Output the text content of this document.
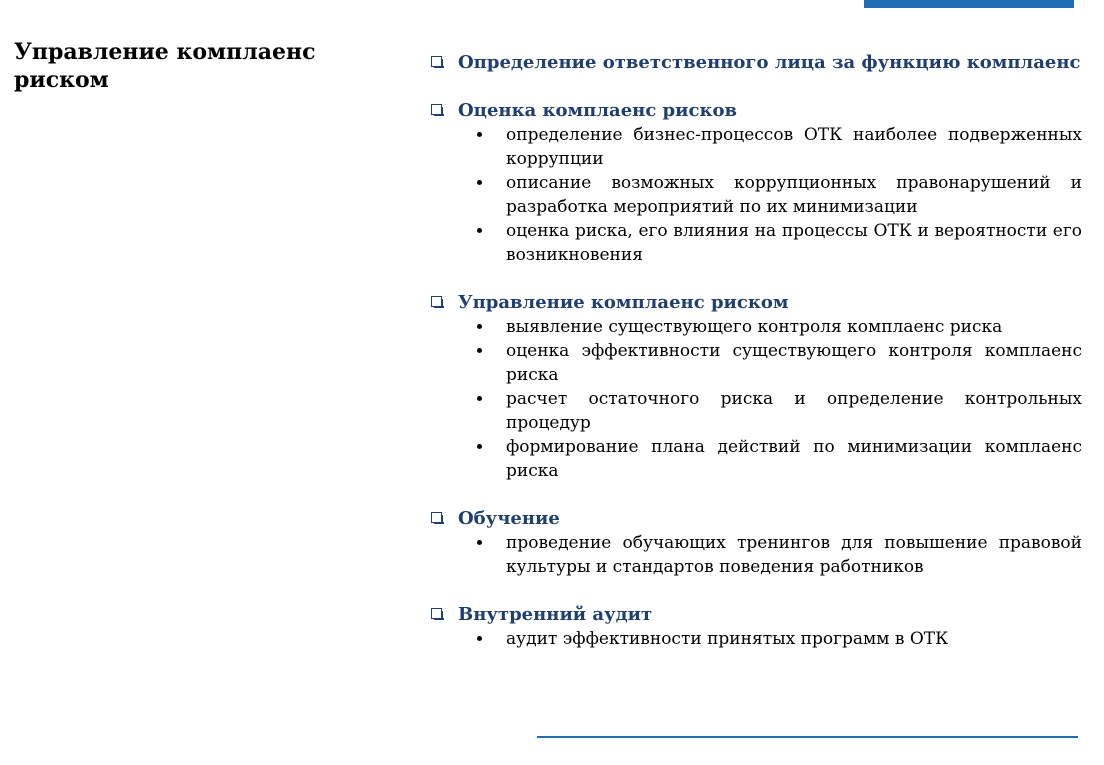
Управление комплаенс риском
Определение ответственного лица за функцию комплаенс
Оценка комплаенс рисков
определение бизнес-процессов ОТК наиболее подверженных коррупции
описание возможных коррупционных правонарушений и разработка мероприятий по их минимизации
оценка риска, его влияния на процессы ОТК и вероятности его возникновения
Управление комплаенс риском
выявление существующего контроля комплаенс риска
оценка эффективности существующего контроля комплаенс риска
расчет остаточного риска и определение контрольных процедур
формирование плана действий по минимизации комплаенс риска
Обучение
проведение обучающих тренингов для повышение правовой культуры и стандартов поведения работников
Внутренний аудит
аудит эффективности принятых программ в ОТК
